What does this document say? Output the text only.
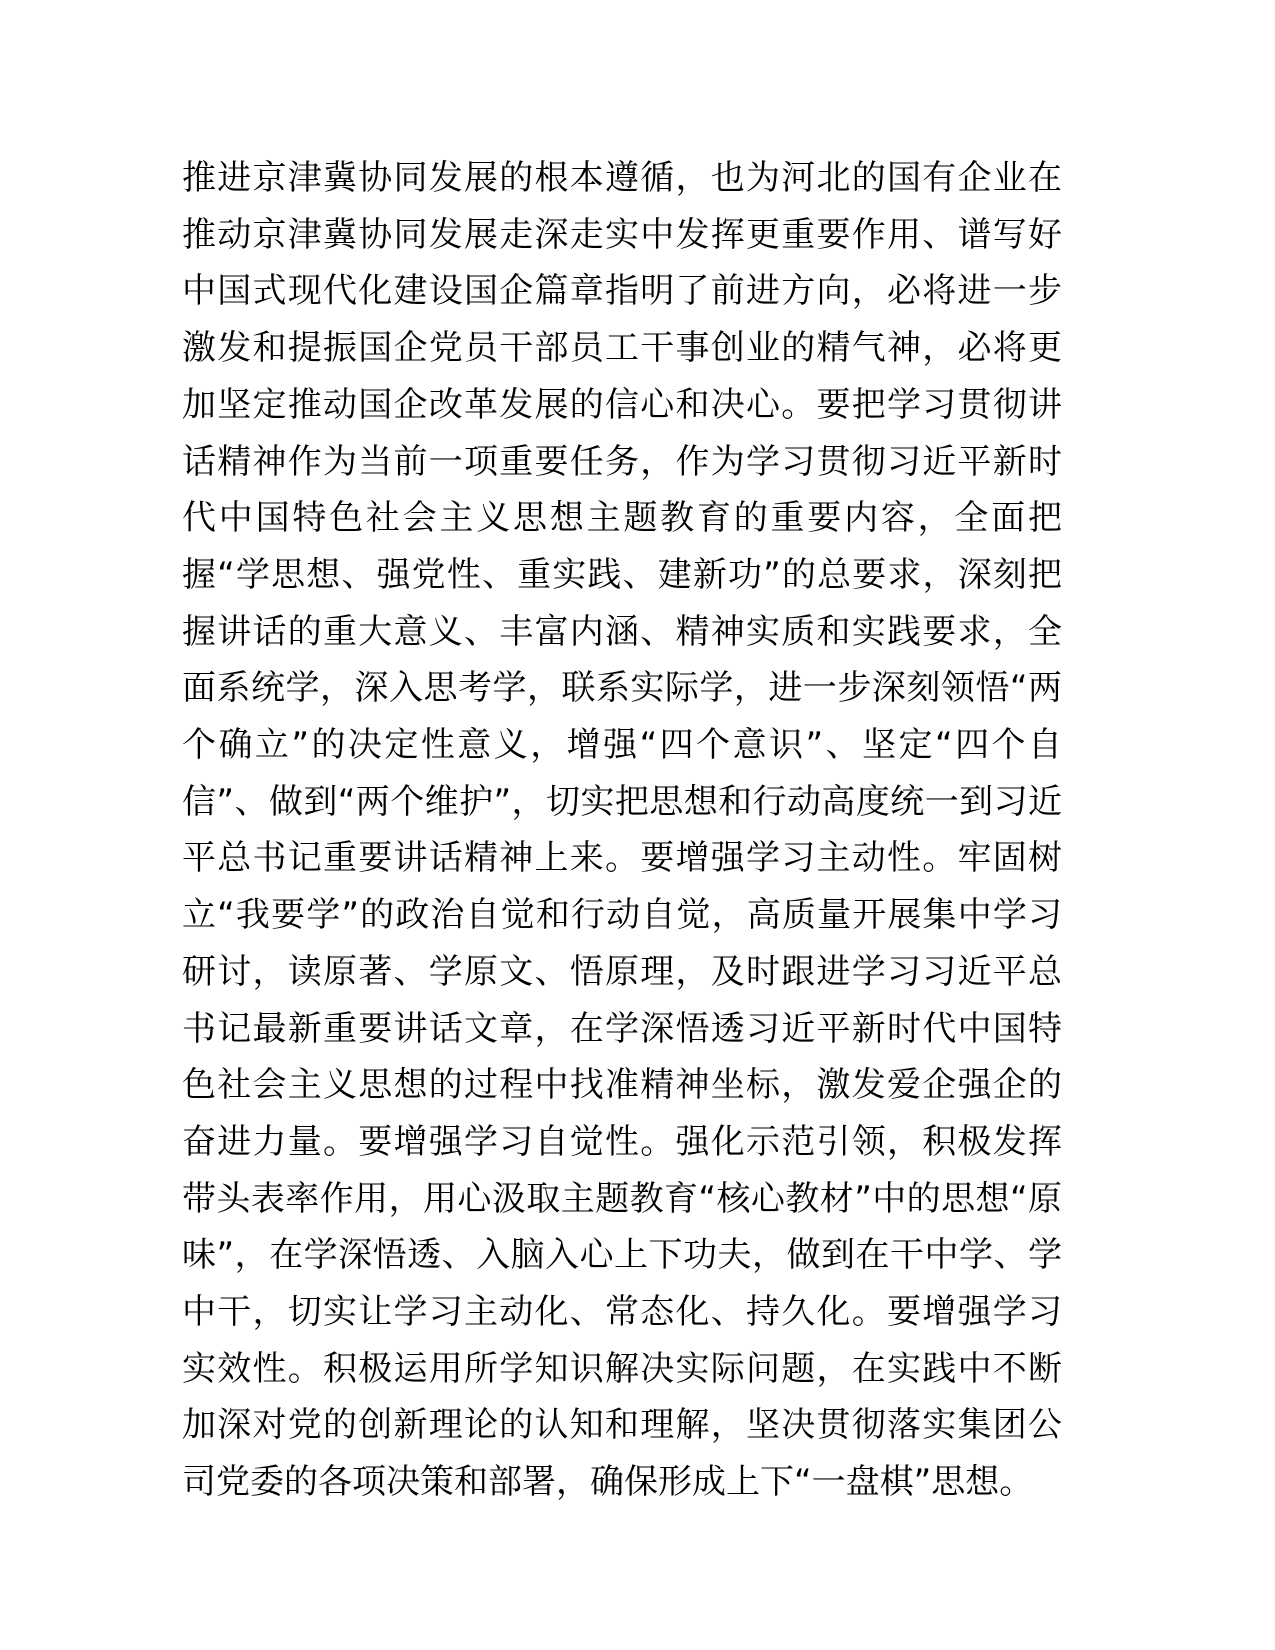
推进京津冀协同发展的根本遵循，也为河北的国有企业在推动京津冀协同发展走深走实中发挥更重要作用、谱写好中国式现代化建设国企篇章指明了前进方向，必将进一步激发和提振国企党员干部员工干事创业的精气神，必将更加坚定推动国企改革发展的信心和决心。要把学习贯彻讲话精神作为当前一项重要任务，作为学习贯彻习近平新时代中国特色社会主义思想主题教育的重要内容，全面把握“学思想、强党性、重实践、建新功”的总要求，深刻把握讲话的重大意义、丰富内涵、精神实质和实践要求，全面系统学，深入思考学，联系实际学，进一步深刻领悟“两个确立”的决定性意义，增强“四个意识”、坚定“四个自信”、做到“两个维护”，切实把思想和行动高度统一到习近平总书记重要讲话精神上来。要增强学习主动性。牢固树立“我要学”的政治自觉和行动自觉，高质量开展集中学习研讨，读原著、学原文、悟原理，及时跟进学习习近平总书记最新重要讲话文章，在学深悟透习近平新时代中国特色社会主义思想的过程中找准精神坐标，激发爱企强企的奋进力量。要增强学习自觉性。强化示范引领，积极发挥带头表率作用，用心汲取主题教育“核心教材”中的思想“原味”，在学深悟透、入脑入心上下功夫，做到在干中学、学中干，切实让学习主动化、常态化、持久化。要增强学习实效性。积极运用所学知识解决实际问题，在实践中不断加深对党的创新理论的认知和理解，坚决贯彻落实集团公司党委的各项决策和部署，确保形成上下“一盘棋”思想。
